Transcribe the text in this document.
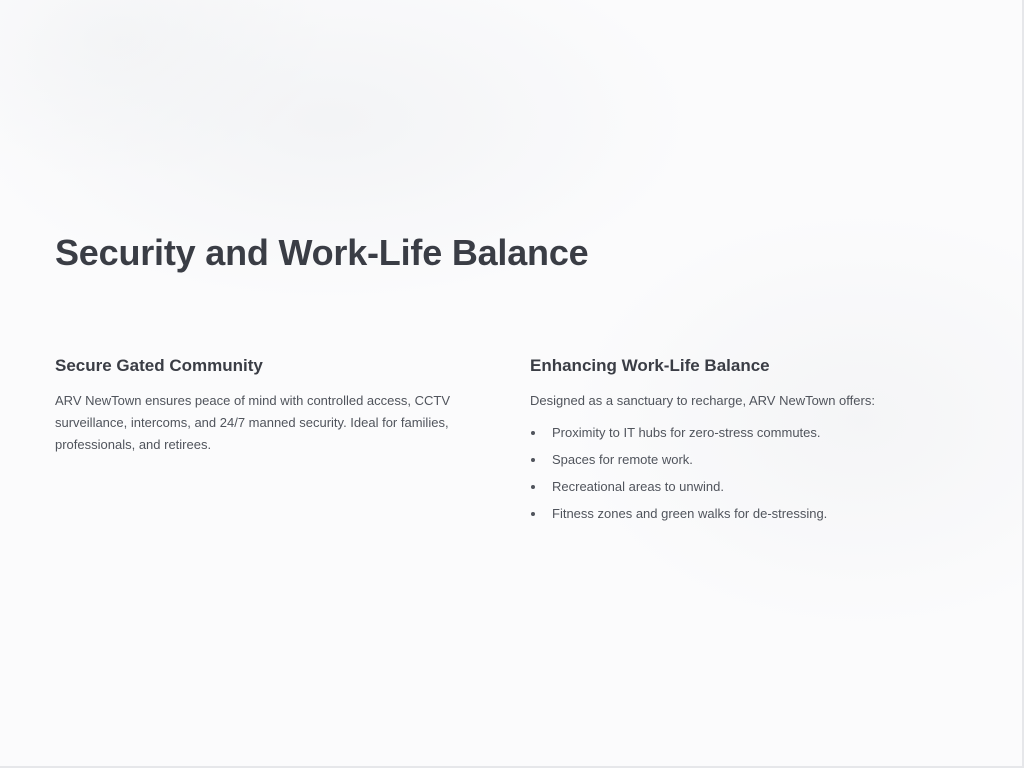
Security and Work-Life Balance
Secure Gated Community

ARV NewTown ensures peace of mind with controlled access, CCTV surveillance, intercoms, and 24/7 manned security. Ideal for families, professionals, and retirees.

Enhancing Work-Life Balance

Designed as a sanctuary to recharge, ARV NewTown offers:

Proximity to IT hubs for zero-stress commutes.
Spaces for remote work.
Recreational areas to unwind.
Fitness zones and green walks for de-stressing.
